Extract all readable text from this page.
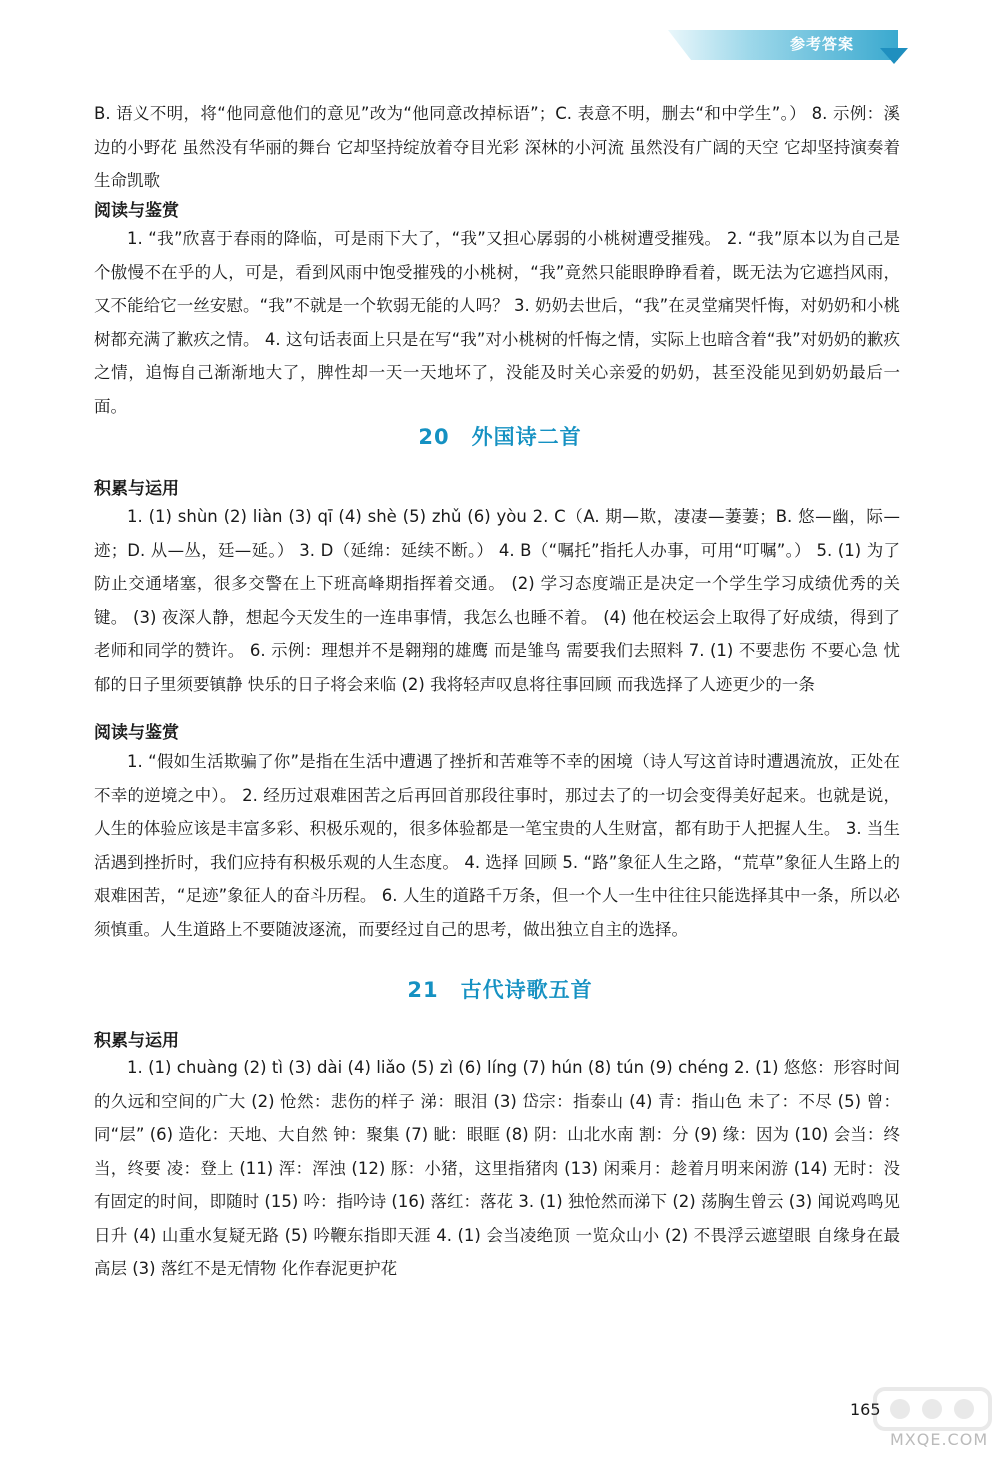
参考答案

B. 语义不明，将“他同意他们的意见”改为“他同意改掉标语”；C. 表意不明，删去“和中学生”。） 8. 示例：溪边的小野花 虽然没有华丽的舞台 它却坚持绽放着夺目光彩 深林的小河流 虽然没有广阔的天空 它却坚持演奏着生命凯歌

阅读与鉴赏

1. “我”欣喜于春雨的降临，可是雨下大了，“我”又担心孱弱的小桃树遭受摧残。 2. “我”原本以为自己是个傲慢不在乎的人，可是，看到风雨中饱受摧残的小桃树，“我”竟然只能眼睁睁看着，既无法为它遮挡风雨，又不能给它一丝安慰。“我”不就是一个软弱无能的人吗？ 3. 奶奶去世后，“我”在灵堂痛哭忏悔，对奶奶和小桃树都充满了歉疚之情。 4. 这句话表面上只是在写“我”对小桃树的忏悔之情，实际上也暗含着“我”对奶奶的歉疚之情，追悔自己渐渐地大了，脾性却一天一天地坏了，没能及时关心亲爱的奶奶，甚至没能见到奶奶最后一面。

20 外国诗二首

积累与运用

1. (1) shùn (2) liàn (3) qī (4) shè (5) zhǔ (6) yòu 2. C（A. 期—欺，凄凄—萋萋；B. 悠—幽，际—迹；D. 从—丛，廷—延。） 3. D（延绵：延续不断。） 4. B（“嘱托”指托人办事，可用“叮嘱”。） 5. (1) 为了防止交通堵塞，很多交警在上下班高峰期指挥着交通。 (2) 学习态度端正是决定一个学生学习成绩优秀的关键。 (3) 夜深人静，想起今天发生的一连串事情，我怎么也睡不着。 (4) 他在校运会上取得了好成绩，得到了老师和同学的赞许。 6. 示例：理想并不是翱翔的雄鹰 而是雏鸟 需要我们去照料 7. (1) 不要悲伤 不要心急 忧郁的日子里须要镇静 快乐的日子将会来临 (2) 我将轻声叹息将往事回顾 而我选择了人迹更少的一条

阅读与鉴赏

1. “假如生活欺骗了你”是指在生活中遭遇了挫折和苦难等不幸的困境（诗人写这首诗时遭遇流放，正处在不幸的逆境之中）。 2. 经历过艰难困苦之后再回首那段往事时，那过去了的一切会变得美好起来。也就是说，人生的体验应该是丰富多彩、积极乐观的，很多体验都是一笔宝贵的人生财富，都有助于人把握人生。 3. 当生活遇到挫折时，我们应持有积极乐观的人生态度。 4. 选择 回顾 5. “路”象征人生之路，“荒草”象征人生路上的艰难困苦，“足迹”象征人的奋斗历程。 6. 人生的道路千万条，但一个人一生中往往只能选择其中一条，所以必须慎重。人生道路上不要随波逐流，而要经过自己的思考，做出独立自主的选择。

21 古代诗歌五首

积累与运用

1. (1) chuàng (2) tì (3) dài (4) liǎo (5) zì (6) líng (7) hún (8) tún (9) chéng 2. (1) 悠悠：形容时间的久远和空间的广大 (2) 怆然：悲伤的样子 涕：眼泪 (3) 岱宗：指泰山 (4) 青：指山色 未了：不尽 (5) 曾：同“层” (6) 造化：天地、大自然 钟：聚集 (7) 眦：眼眶 (8) 阴：山北水南 割：分 (9) 缘：因为 (10) 会当：终当，终要 凌：登上 (11) 浑：浑浊 (12) 豚：小猪，这里指猪肉 (13) 闲乘月：趁着月明来闲游 (14) 无时：没有固定的时间，即随时 (15) 吟：指吟诗 (16) 落红：落花 3. (1) 独怆然而涕下 (2) 荡胸生曾云 (3) 闻说鸡鸣见日升 (4) 山重水复疑无路 (5) 吟鞭东指即天涯 4. (1) 会当凌绝顶 一览众山小 (2) 不畏浮云遮望眼 自缘身在最高层 (3) 落红不是无情物 化作春泥更护花

165
MXQE.COM
